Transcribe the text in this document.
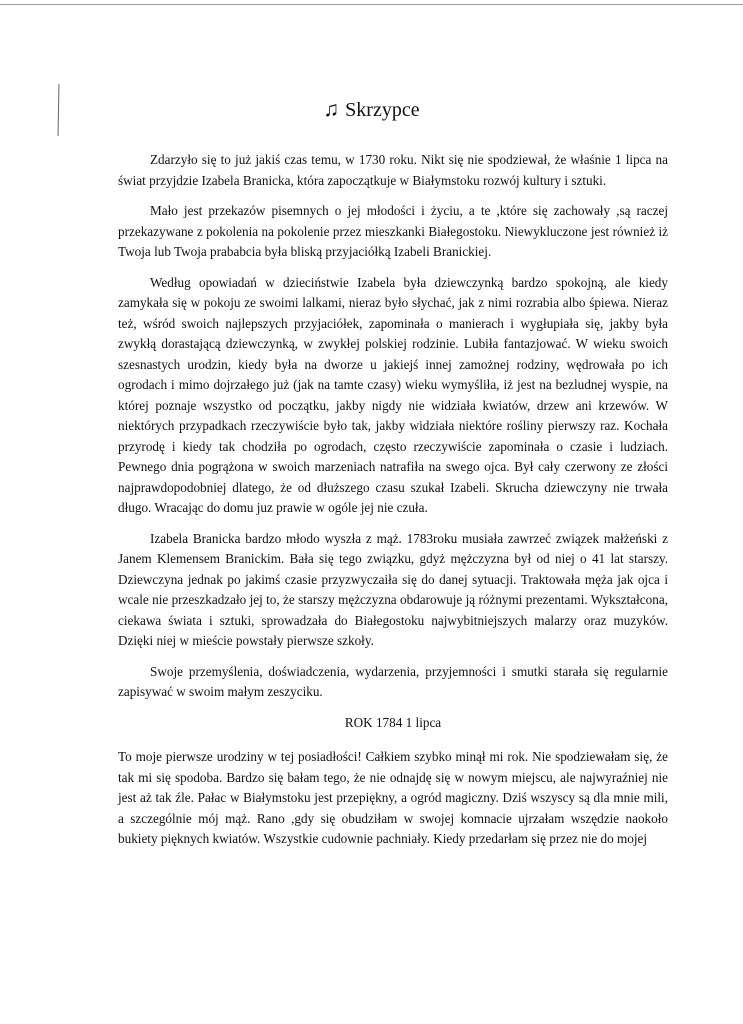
♫ Skrzypce

Zdarzyło się to już jakiś czas temu, w 1730 roku. Nikt się nie spodziewał, że właśnie 1 lipca na świat przyjdzie Izabela Branicka, która zapoczątkuje w Białymstoku rozwój kultury i sztuki.

Mało jest przekazów pisemnych o jej młodości i życiu, a te ,które się zachowały ,są raczej przekazywane z pokolenia na pokolenie przez mieszkanki Białegostoku. Niewykluczone jest również iż Twoja lub Twoja prababcia była bliską przyjaciółką Izabeli Branickiej.

Według opowiadań w dzieciństwie Izabela była dziewczynką bardzo spokojną, ale kiedy zamykała się w pokoju ze swoimi lalkami, nieraz było słychać, jak z nimi rozrabia albo śpiewa. Nieraz też, wśród swoich najlepszych przyjaciółek, zapominała o manierach i wygłupiała się, jakby była zwykłą dorastającą dziewczynką, w zwykłej polskiej rodzinie. Lubiła fantazjować. W wieku swoich szesnastych urodzin, kiedy była na dworze u jakiejś innej zamożnej rodziny, wędrowała po ich ogrodach i mimo dojrzałego już (jak na tamte czasy) wieku wymyśliła, iż jest na bezludnej wyspie, na której poznaje wszystko od początku, jakby nigdy nie widziała kwiatów, drzew ani krzewów. W niektórych przypadkach rzeczywiście było tak, jakby widziała niektóre rośliny pierwszy raz. Kochała przyrodę i kiedy tak chodziła po ogrodach, często rzeczywiście zapominała o czasie i ludziach. Pewnego dnia pogrążona w swoich marzeniach natrafiła na swego ojca. Był cały czerwony ze złości najprawdopodobniej dlatego, że od dłuższego czasu szukał Izabeli. Skrucha dziewczyny nie trwała długo. Wracając do domu juz prawie w ogóle jej nie czuła.

Izabela Branicka bardzo młodo wyszła z mąż. 1783roku musiała zawrzeć związek małżeński z Janem Klemensem Branickim. Bała się tego związku, gdyż mężczyzna był od niej o 41 lat starszy. Dziewczyna jednak po jakimś czasie przyzwyczaiła się do danej sytuacji. Traktowała męża jak ojca i wcale nie przeszkadzało jej to, że starszy mężczyzna obdarowuje ją różnymi prezentami. Wykształcona, ciekawa świata i sztuki, sprowadzała do Białegostoku najwybitniejszych malarzy oraz muzyków. Dzięki niej w mieście powstały pierwsze szkoły.

Swoje przemyślenia, doświadczenia, wydarzenia, przyjemności i smutki starała się regularnie zapisywać w swoim małym zeszyciku.

ROK 1784 1 lipca

To moje pierwsze urodziny w tej posiadłości! Całkiem szybko minął mi rok. Nie spodziewałam się, że tak mi się spodoba. Bardzo się bałam tego, że nie odnajdę się w nowym miejscu, ale najwyraźniej nie jest aż tak źle. Pałac w Białymstoku jest przepiękny, a ogród magiczny. Dziś wszyscy są dla mnie mili, a szczególnie mój mąż. Rano ,gdy się obudziłam w swojej komnacie ujrzałam wszędzie naokoło bukiety pięknych kwiatów. Wszystkie cudownie pachniały. Kiedy przedarłam się przez nie do mojej
